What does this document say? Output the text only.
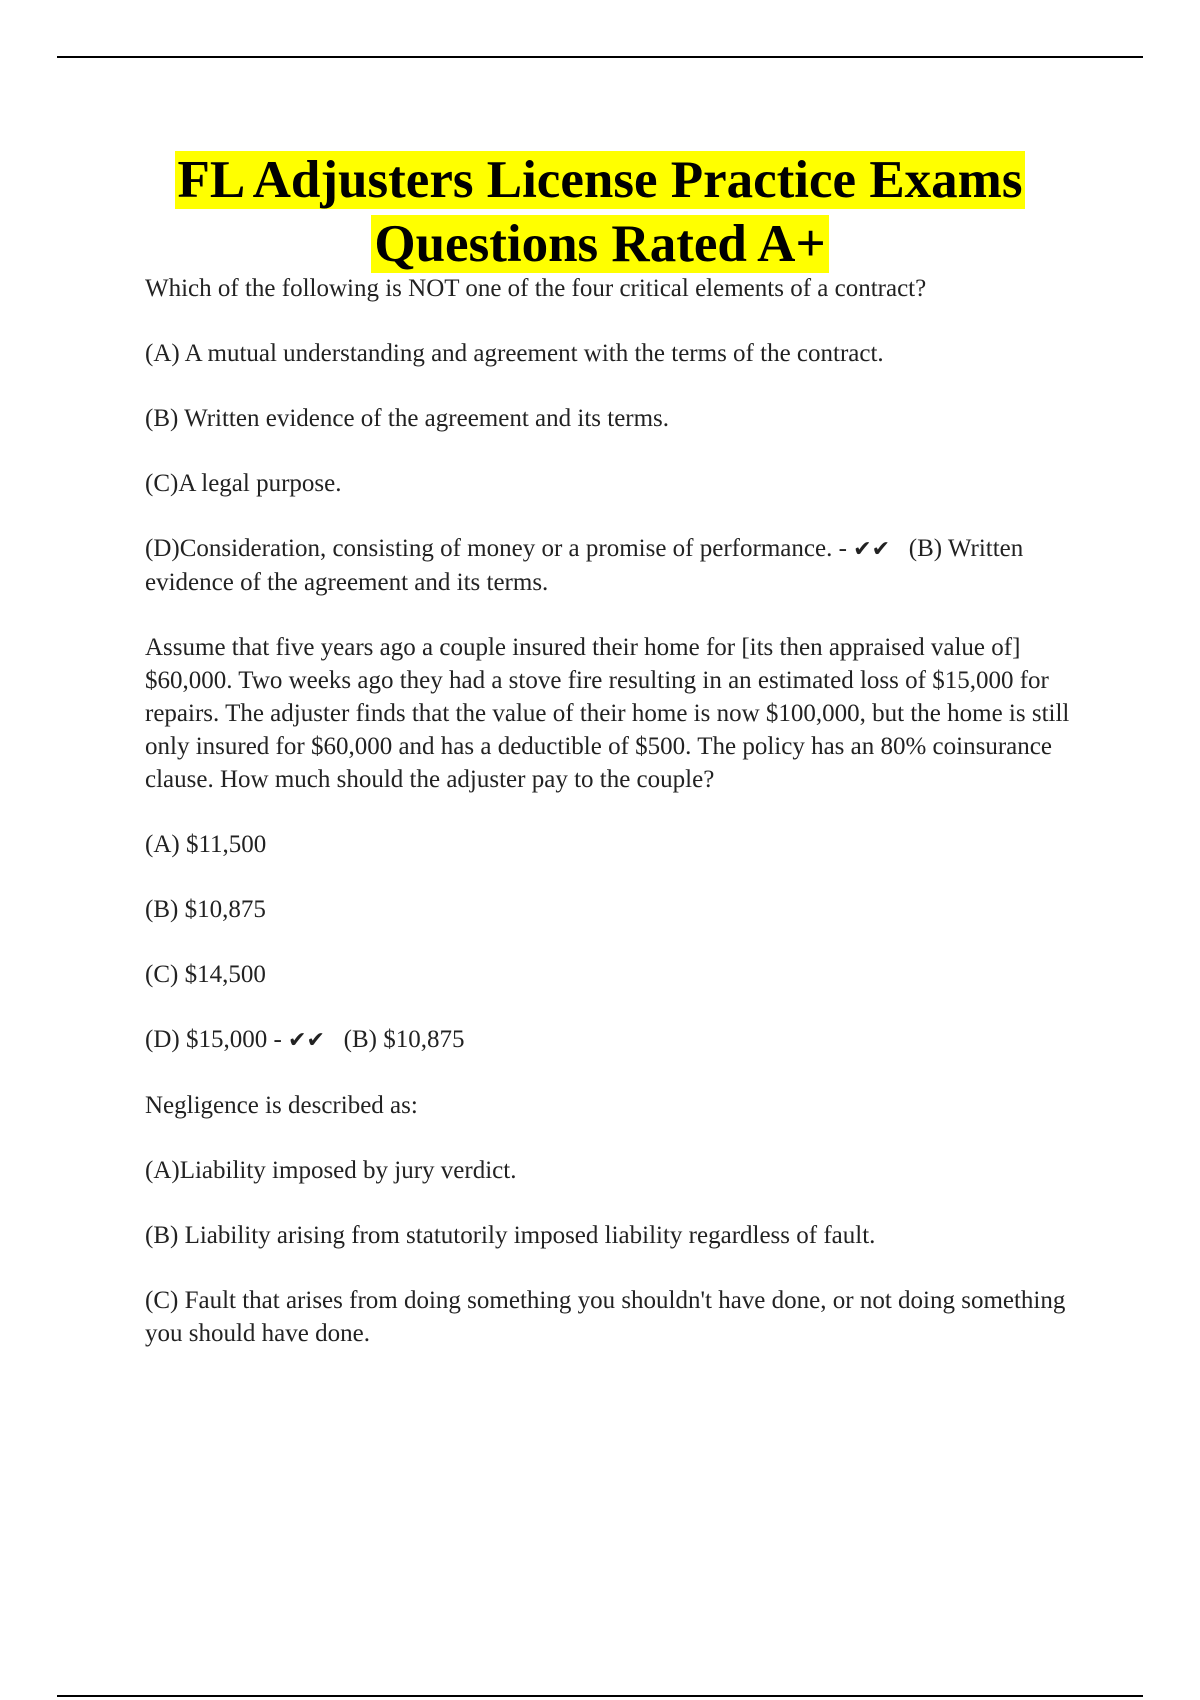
FL Adjusters License Practice Exams
Questions Rated A+

Which of the following is NOT one of the four critical elements of a contract?

(A) A mutual understanding and agreement with the terms of the contract.

(B) Written evidence of the agreement and its terms.

(C)A legal purpose.

(D)Consideration, consisting of money or a promise of performance. - ✔✔ (B) Written evidence of the agreement and its terms.

Assume that five years ago a couple insured their home for [its then appraised value of] $60,000. Two weeks ago they had a stove fire resulting in an estimated loss of $15,000 for repairs. The adjuster finds that the value of their home is now $100,000, but the home is still only insured for $60,000 and has a deductible of $500. The policy has an 80% coinsurance clause. How much should the adjuster pay to the couple?

(A) $11,500

(B) $10,875

(C) $14,500

(D) $15,000 - ✔✔ (B) $10,875

Negligence is described as:

(A)Liability imposed by jury verdict.

(B) Liability arising from statutorily imposed liability regardless of fault.

(C) Fault that arises from doing something you shouldn't have done, or not doing something you should have done.
